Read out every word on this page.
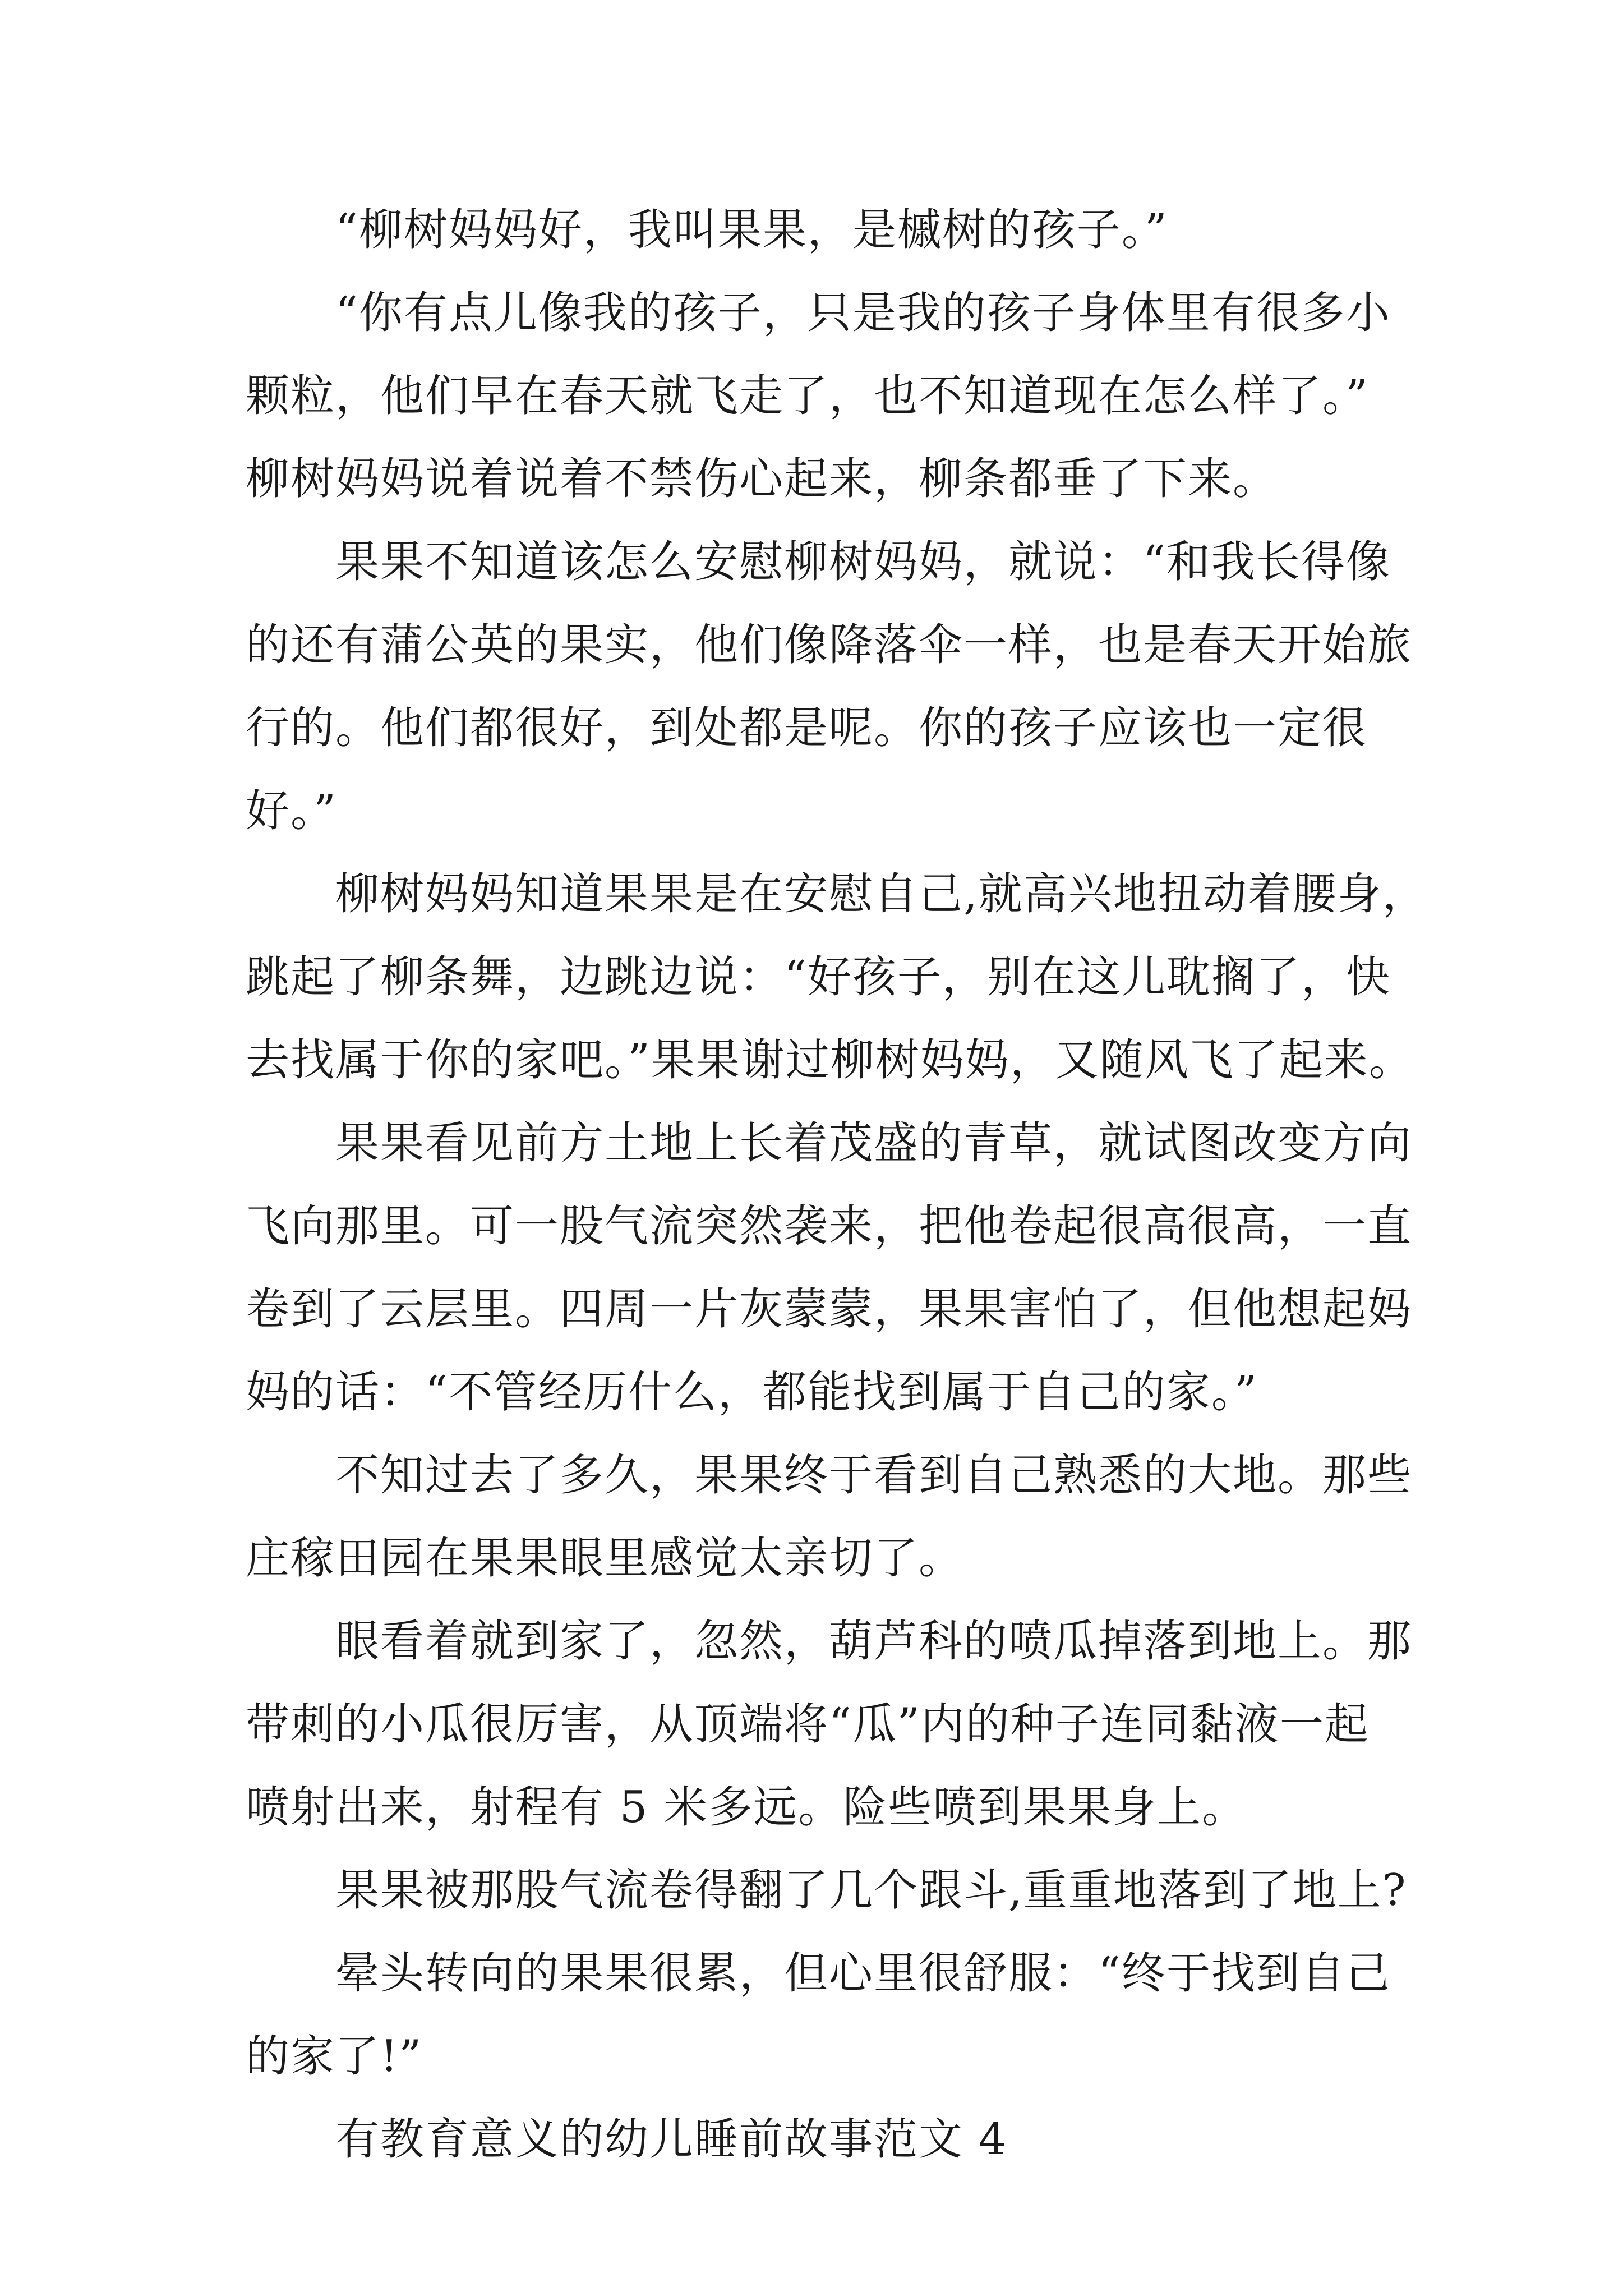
“柳树妈妈好，我叫果果，是槭树的孩子。”
“你有点儿像我的孩子，只是我的孩子身体里有很多小
颗粒，他们早在春天就飞走了，也不知道现在怎么样了。”
柳树妈妈说着说着不禁伤心起来，柳条都垂了下来。
果果不知道该怎么安慰柳树妈妈，就说：“和我长得像
的还有蒲公英的果实，他们像降落伞一样，也是春天开始旅
行的。他们都很好，到处都是呢。你的孩子应该也一定很
好。”
柳树妈妈知道果果是在安慰自己,就高兴地扭动着腰身，
跳起了柳条舞，边跳边说：“好孩子，别在这儿耽搁了，快
去找属于你的家吧。”果果谢过柳树妈妈，又随风飞了起来。
果果看见前方土地上长着茂盛的青草，就试图改变方向
飞向那里。可一股气流突然袭来，把他卷起很高很高，一直
卷到了云层里。四周一片灰蒙蒙，果果害怕了，但他想起妈
妈的话：“不管经历什么，都能找到属于自己的家。”
不知过去了多久，果果终于看到自己熟悉的大地。那些
庄稼田园在果果眼里感觉太亲切了。
眼看着就到家了，忽然，葫芦科的喷瓜掉落到地上。那
带刺的小瓜很厉害，从顶端将“瓜”内的种子连同黏液一起
喷射出来，射程有 5 米多远。险些喷到果果身上。
果果被那股气流卷得翻了几个跟斗,重重地落到了地上?
晕头转向的果果很累，但心里很舒服：“终于找到自己
的家了!”
有教育意义的幼儿睡前故事范文 4
